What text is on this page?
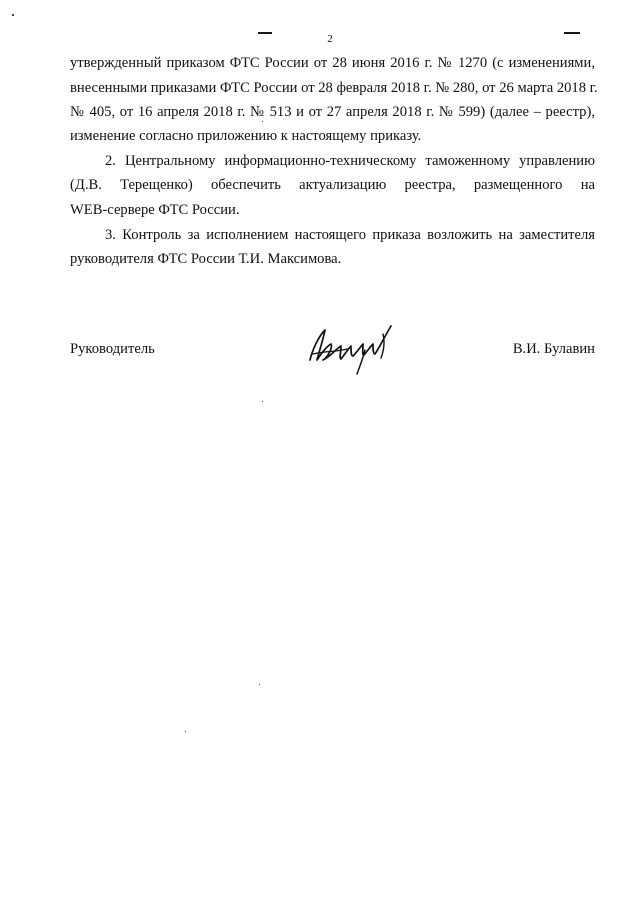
2
утвержденный приказом ФТС России от 28 июня 2016 г. № 1270 (с изменениями,
внесенными приказами ФТС России от 28 февраля 2018 г. № 280, от 26 марта 2018 г.
№ 405, от 16 апреля 2018 г. № 513 и от 27 апреля 2018 г. № 599) (далее – реестр),
изменение согласно приложению к настоящему приказу.
2. Центральному информационно-техническому таможенному управлению
(Д.В. Терещенко) обеспечить актуализацию реестра, размещенного на
WEB-сервере ФТС России.
3. Контроль за исполнением настоящего приказа возложить на заместителя
руководителя ФТС России Т.И. Максимова.
Руководитель	В.И. Булавин
